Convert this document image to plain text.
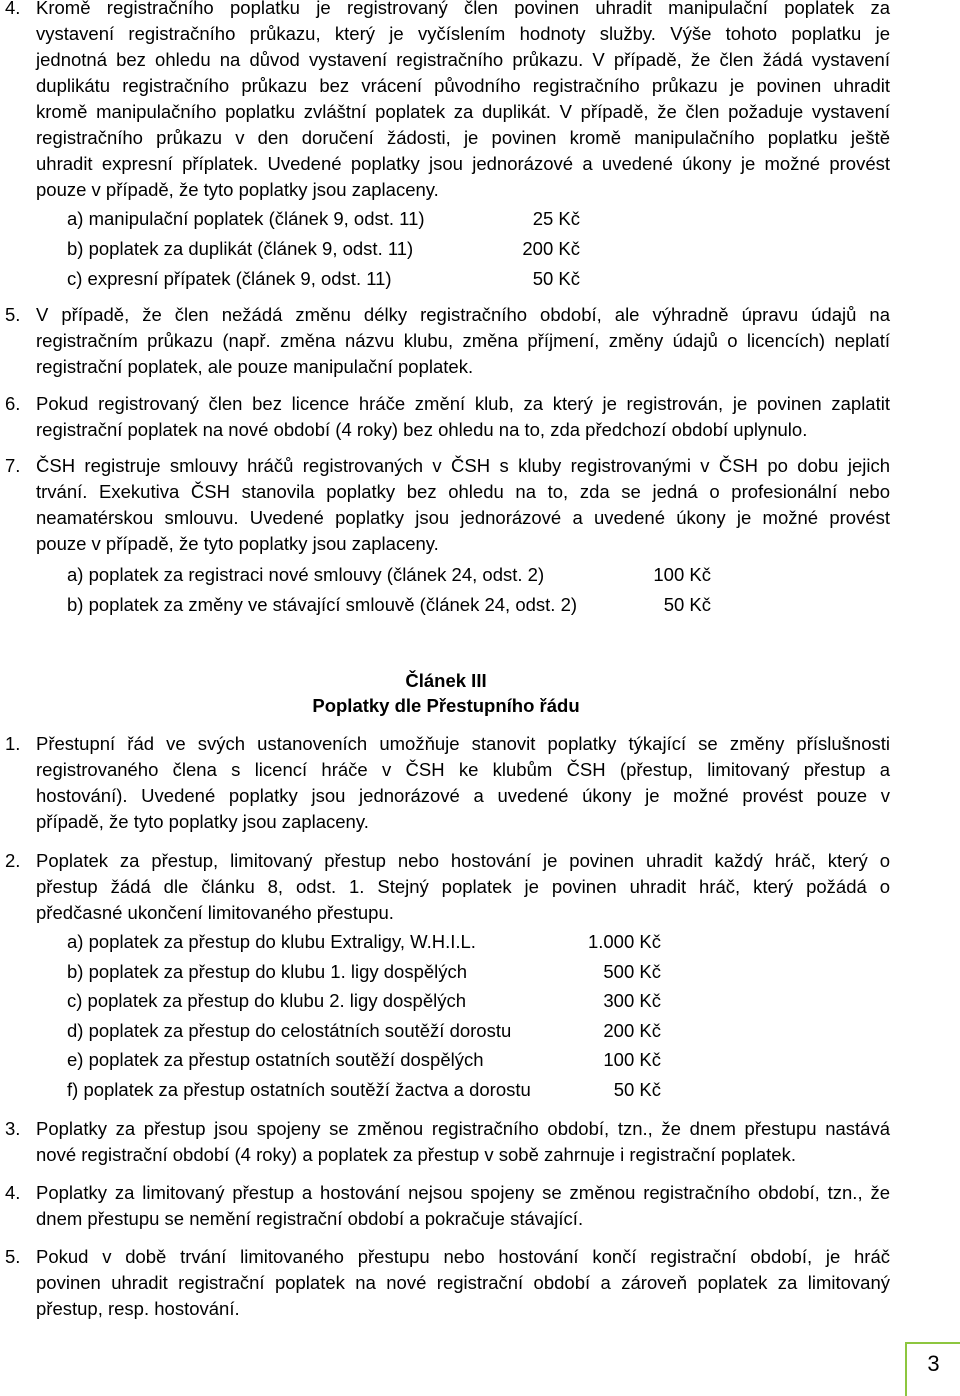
4. Kromě registračního poplatku je registrovaný člen povinen uhradit manipulační poplatek za
vystavení registračního průkazu, který je vyčíslením hodnoty služby. Výše tohoto poplatku je
jednotná bez ohledu na důvod vystavení registračního průkazu. V případě, že člen žádá vystavení
duplikátu registračního průkazu bez vrácení původního registračního průkazu je povinen uhradit
kromě manipulačního poplatku zvláštní poplatek za duplikát. V případě, že člen požaduje vystavení
registračního průkazu v den doručení žádosti, je povinen kromě manipulačního poplatku ještě
uhradit expresní příplatek. Uvedené poplatky jsou jednorázové a uvedené úkony je možné provést
pouze v případě, že tyto poplatky jsou zaplaceny.
a) manipulační poplatek (článek 9, odst. 11)	25 Kč
b) poplatek za duplikát (článek 9, odst. 11)	200 Kč
c) expresní přípatek (článek 9, odst. 11)	50 Kč
5. V případě, že člen nežádá změnu délky registračního období, ale výhradně úpravu údajů na
registračním průkazu (např. změna názvu klubu, změna příjmení, změny údajů o licencích) neplatí
registrační poplatek, ale pouze manipulační poplatek.
6. Pokud registrovaný člen bez licence hráče změní klub, za který je registrován, je povinen zaplatit
registrační poplatek na nové období (4 roky) bez ohledu na to, zda předchozí období uplynulo.
7. ČSH registruje smlouvy hráčů registrovaných v ČSH s kluby registrovanými v ČSH po dobu jejich
trvání. Exekutiva ČSH stanovila poplatky bez ohledu na to, zda se jedná o profesionální nebo
neamatérskou smlouvu. Uvedené poplatky jsou jednorázové a uvedené úkony je možné provést
pouze v případě, že tyto poplatky jsou zaplaceny.
a) poplatek za registraci nové smlouvy (článek 24, odst. 2)	100 Kč
b) poplatek za změny ve stávající smlouvě (článek 24, odst. 2)	50 Kč
Článek III
Poplatky dle Přestupního řádu
1. Přestupní řád ve svých ustanoveních umožňuje stanovit poplatky týkající se změny příslušnosti
registrovaného člena s licencí hráče v ČSH ke klubům ČSH (přestup, limitovaný přestup a
hostování). Uvedené poplatky jsou jednorázové a uvedené úkony je možné provést pouze v
případě, že tyto poplatky jsou zaplaceny.
2. Poplatek za přestup, limitovaný přestup nebo hostování je povinen uhradit každý hráč, který o
přestup žádá dle článku 8, odst. 1. Stejný poplatek je povinen uhradit hráč, který požádá o
předčasné ukončení limitovaného přestupu.
a) poplatek za přestup do klubu Extraligy, W.H.I.L.	1.000 Kč
b) poplatek za přestup do klubu 1. ligy dospělých	500 Kč
c) poplatek za přestup do klubu 2. ligy dospělých	300 Kč
d) poplatek za přestup do celostátních soutěží dorostu	200 Kč
e) poplatek za přestup ostatních soutěží dospělých	100 Kč
f) poplatek za přestup ostatních soutěží žactva a dorostu	50 Kč
3. Poplatky za přestup jsou spojeny se změnou registračního období, tzn., že dnem přestupu nastává
nové registrační období (4 roky) a poplatek za přestup v sobě zahrnuje i registrační poplatek.
4. Poplatky za limitovaný přestup a hostování nejsou spojeny se změnou registračního období, tzn., že
dnem přestupu se nemění registrační období a pokračuje stávající.
5. Pokud v době trvání limitovaného přestupu nebo hostování končí registrační období, je hráč
povinen uhradit registrační poplatek na nové registrační období a zároveň poplatek za limitovaný
přestup, resp. hostování.
3
